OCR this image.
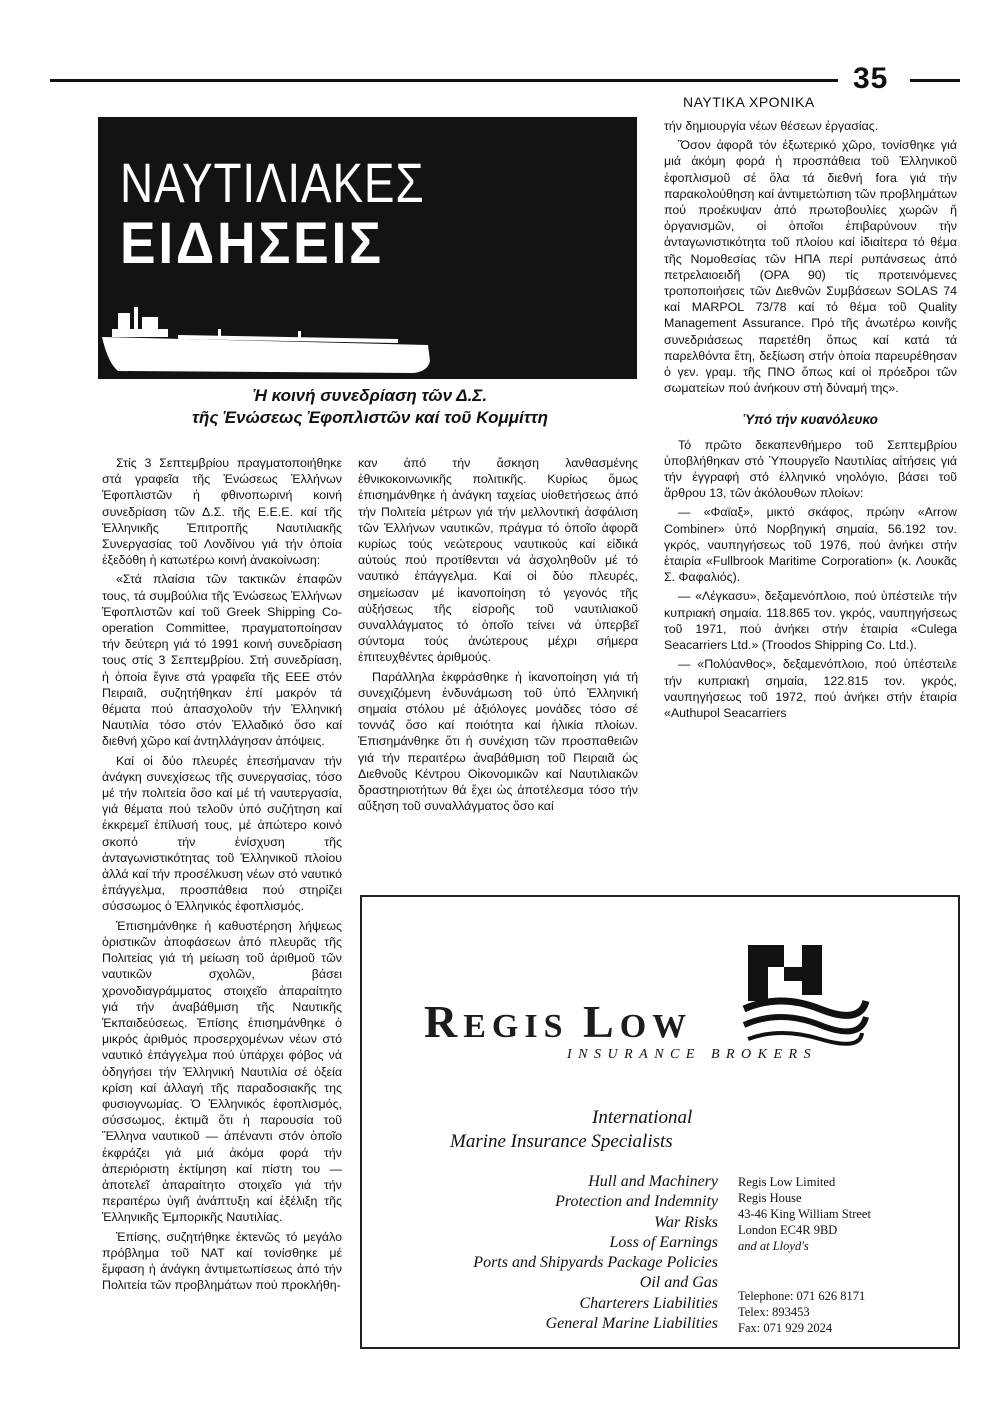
35
ΝΑΥΤΙΚΑ ΧΡΟΝΙΚΑ
ΝΑΥΤΙΛΙΑΚΕΣ
ΕΙΔΗΣΕΙΣ
Ἡ κοινή συνεδρίαση τῶν Δ.Σ.
τῆς Ἑνώσεως Ἐφοπλιστῶν καί τοῦ Κομμίττη

Στίς 3 Σεπτεμβρίου πραγματοποιήθηκε στά γραφεῖα τῆς Ἑνώσεως Ἑλλήνων Ἐφοπλιστῶν ἡ φθινοπωρινή κοινή συνεδρίαση τῶν Δ.Σ. τῆς Ε.Ε.Ε. καί τῆς Ἑλληνικῆς Ἐπιτροπῆς Ναυτιλιακῆς Συνεργασίας τοῦ Λονδίνου γιά τήν ὁποία ἐξεδόθη ἡ κατωτέρω κοινή ἀνακοίνωση:

«Στά πλαίσια τῶν τακτικῶν ἐπαφῶν τους, τά συμβούλια τῆς Ἑνώσεως Ἑλλήνων Ἐφοπλιστῶν καί τοῦ Greek Shipping Co-operation Committee, πραγματοποίησαν τήν δεύτερη γιά τό 1991 κοινή συνεδρίαση τους στίς 3 Σεπτεμβρίου. Στή συνεδρίαση, ἡ ὁποία ἔγινε στά γραφεῖα τῆς ΕΕΕ στόν Πειραιᾶ, συζητήθηκαν ἐπί μακρόν τά θέματα πού ἀπασχολοῦν τήν Ἑλληνική Ναυτιλία τόσο στόν Ἑλλαδικό ὅσο καί διεθνή χῶρο καί ἀντηλλάγησαν ἀπόψεις.

Καί οἱ δύο πλευρές ἐπεσήμαναν τήν ἀνάγκη συνεχίσεως τῆς συνεργασίας, τόσο μέ τήν πολιτεία ὅσο καί μέ τή ναυτεργασία, γιά θέματα πού τελοῦν ὑπό συζήτηση καί ἐκκρεμεῖ ἐπίλυσή τους, μέ ἀπώτερο κοινό σκοπό τήν ἐνίσχυση τῆς ἀνταγωνιστικότητας τοῦ Ἑλληνικοῦ πλοίου ἀλλά καί τήν προσέλκυση νέων στό ναυτικό ἐπάγγελμα, προσπάθεια πού στηρίζει σύσσωμος ὁ Ἑλληνικός ἐφοπλισμός.

Ἐπισημάνθηκε ἡ καθυστέρηση λήψεως ὁριστικῶν ἀποφάσεων ἀπό πλευρᾶς τῆς Πολιτείας γιά τή μείωση τοῦ ἀριθμοῦ τῶν ναυτικῶν σχολῶν, βάσει χρονοδιαγράμματος στοιχεῖο ἀπαραίτητο γιά τήν ἀναβάθμιση τῆς Ναυτικῆς Ἐκπαιδεύσεως. Ἐπίσης ἐπισημάνθηκε ὁ μικρός ἀριθμός προσερχομένων νέων στό ναυτικό ἐπάγγελμα πού ὑπάρχει φόβος νά ὁδηγήσει τήν Ἑλληνική Ναυτιλία σέ ὀξεία κρίση καί ἀλλαγή τῆς παραδοσιακῆς της φυσιογνωμίας. Ὁ Ἑλληνικός ἐφοπλισμός, σύσσωμος, ἐκτιμᾶ ὅτι ἡ παρουσία τοῦ Ἕλληνα ναυτικοῦ — ἀπέναντι στόν ὁποῖο ἐκφράζει γιά μιά ἀκόμα φορά τήν ἀπεριόριστη ἐκτίμηση καί πίστη του — ἀποτελεῖ ἀπαραίτητο στοιχεῖο γιά τήν περαιτέρω ὑγιῆ ἀνάπτυξη καί ἐξέλιξη τῆς Ἑλληνικῆς Ἐμπορικῆς Ναυτιλίας.

Ἐπίσης, συζητήθηκε ἐκτενῶς τό μεγάλο πρόβλημα τοῦ ΝΑΤ καί τονίσθηκε μέ ἔμφαση ἡ ἀνάγκη ἀντιμετωπίσεως ἀπό τήν Πολιτεία τῶν προβλημάτων πού προκλήθη-

καν ἀπό τήν ἄσκηση λανθασμένης ἐθνικοκοινωνικῆς πολιτικῆς. Κυρίως ὅμως ἐπισημάνθηκε ἡ ἀνάγκη ταχείας υἱοθετήσεως ἀπό τήν Πολιτεία μέτρων γιά τήν μελλοντική ἀσφάλιση τῶν Ἑλλήνων ναυτικῶν, πράγμα τό ὁποῖο ἀφορᾶ κυρίως τούς νεώτερους ναυτικούς καί εἰδικά αὐτούς πού προτίθενται νά ἀσχοληθοῦν μέ τό ναυτικό ἐπάγγελμα. Καί οἱ δύο πλευρές, σημείωσαν μέ ἱκανοποίηση τό γεγονός τῆς αὐξήσεως τῆς εἰσροῆς τοῦ ναυτιλιακοῦ συναλλάγματος τό ὁποῖο τείνει νά ὑπερβεῖ σύντομα τούς ἀνώτερους μέχρι σήμερα ἐπιτευχθέντες ἀριθμούς.

Παράλληλα ἐκφράσθηκε ἡ ἱκανοποίηση γιά τή συνεχιζόμενη ἐνδυνάμωση τοῦ ὑπό Ἑλληνική σημαία στόλου μέ ἀξιόλογες μονάδες τόσο σέ τοννάζ ὅσο καί ποιότητα καί ἡλικία πλοίων. Ἐπισημάνθηκε ὅτι ἡ συνέχιση τῶν προσπαθειῶν γιά τήν περαιτέρω ἀναβάθμιση τοῦ Πειραιᾶ ὡς Διεθνοῦς Κέντρου Οἰκονομικῶν καί Ναυτιλιακῶν δραστηριοτήτων θά ἔχει ὡς ἀποτέλεσμα τόσο τήν αὔξηση τοῦ συναλλάγματος ὅσο καί

τήν δημιουργία νέων θέσεων ἐργασίας.

Ὅσον ἀφορᾶ τόν ἐξωτερικό χῶρο, τονίσθηκε γιά μιά ἀκόμη φορά ἡ προσπάθεια τοῦ Ἑλληνικοῦ ἐφοπλισμοῦ σέ ὅλα τά διεθνή fora γιά τήν παρακολούθηση καί ἀντιμετώπιση τῶν προβλημάτων πού προέκυψαν ἀπό πρωτοβουλίες χωρῶν ἤ ὀργανισμῶν, οἱ ὁποῖοι ἐπιβαρύνουν τήν ἀνταγωνιστικότητα τοῦ πλοίου καί ἰδιαίτερα τό θέμα τῆς Νομοθεσίας τῶν ΗΠΑ περί ρυπάνσεως ἀπό πετρελαιοειδῆ (ΟΡΑ 90) τίς προτεινόμενες τροποποιήσεις τῶν Διεθνῶν Συμβάσεων SOLAS 74 καί MARPOL 73/78 καί τό θέμα τοῦ Quality Management Assurance. Πρό τῆς ἀνωτέρω κοινῆς συνεδριάσεως παρετέθη ὅπως καί κατά τά παρελθόντα ἔτη, δεξίωση στήν ὁποία παρευρέθησαν ὁ γεν. γραμ. τῆς ΠΝΟ ὅπως καί οἱ πρόεδροι τῶν σωματείων πού ἀνήκουν στή δύναμή της».

Ὑπό τήν κυανόλευκο

Τό πρῶτο δεκαπενθήμερο τοῦ Σεπτεμβρίου ὑποβλήθηκαν στό Ὑπουργεῖο Ναυτιλίας αἰτήσεις γιά τήν ἐγγραφή στό ἑλληνικό νηολόγιο, βάσει τοῦ ἄρθρου 13, τῶν ἀκόλουθων πλοίων:

— «Φαϊαξ», μικτό σκάφος, πρώην «Arrow Combiner» ὑπό Νορβηγική σημαία, 56.192 τον. γκρός, ναυπηγήσεως τοῦ 1976, πού ἀνήκει στήν ἑταιρία «Fullbrook Maritime Corporation» (κ. Λουκᾶς Σ. Φαφαλιός).

— «Λέγκασυ», δεξαμενόπλοιο, πού ὑπέστειλε τήν κυπριακή σημαία. 118.865 τον. γκρός, ναυπηγήσεως τοῦ 1971, πού ἀνήκει στήν ἑταιρία «Culega Seacarriers Ltd.» (Troodos Shipping Co. Ltd.).

— «Πολύανθος», δεξαμενόπλοιο, πού ὑπέστειλε τήν κυπριακή σημαία, 122.815 τον. γκρός, ναυπηγήσεως τοῦ 1972, πού ἀνήκει στήν ἑταιρία «Authupol Seacarriers

REGIS LOW
INSURANCE BROKERS
International
Marine Insurance Specialists
Hull and Machinery
Protection and Indemnity
War Risks
Loss of Earnings
Ports and Shipyards Package Policies
Oil and Gas
Charterers Liabilities
General Marine Liabilities
Regis Low Limited
Regis House
43-46 King William Street
London EC4R 9BD
and at Lloyd's
Telephone: 071 626 8171
Telex: 893453
Fax: 071 929 2024
